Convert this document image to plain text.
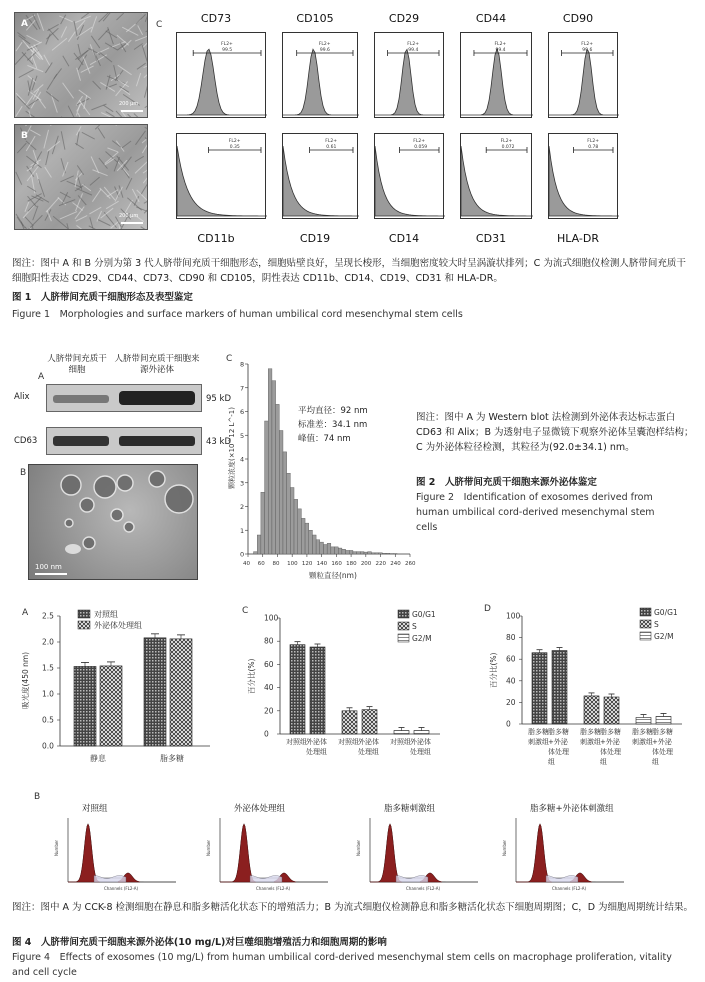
A
200 μm
B
200 μm
C	CD73	CD105	CD29	CD44	CD90
FL2+
99.5
FL2+
99.6
FL2+
99.4
FL2+
99.4
FL2+
99.6
FL2+
0.35
FL2+
0.61
FL2+
0.059
FL2+
0.072
FL2+
0.78
CD11b	CD19	CD14	CD31	HLA-DR
图注：图中 A 和 B 分别为第 3 代人脐带间充质干细胞形态，细胞贴壁良好，呈现长梭形，当细胞密度较大时呈涡漩状排列；C 为流式细胞仪检测人脐带间充质干细胞阳性表达 CD29、CD44、CD73、CD90 和 CD105，阴性表达 CD11b、CD14、CD19、CD31 和 HLA-DR。
图 1　人脐带间充质干细胞形态及表型鉴定
Figure 1　Morphologies and surface markers of human umbilical cord mesenchymal stem cells
A
人脐带间充质干细胞
人脐带间充质干细胞来源外泌体
Alix
CD63
95 kD
43 kD
B
100 nm
C
0
1
2
3
4
5
6
7
8
40 60 80 100 120 140 160 180 200 220 240 260
颗粒直径(nm)
颗粒浓度(×10^12 L^-1)	平均直径：92 nm
标准差：34.1 nm
峰值：74 nm
图注：图中 A 为 Western blot 法检测到外泌体表达标志蛋白 CD63 和 Alix；B 为透射电子显微镜下观察外泌体呈囊泡样结构；C 为外泌体粒径检测，其粒径为(92.0±34.1) nm。
图 2　人脐带间充质干细胞来源外泌体鉴定
Figure 2　Identification of exosomes derived from human umbilical cord-derived mesenchymal stem cells
A
0.0
0.5
1.0
1.5
2.0
2.5
吸光度(450 nm)
静息	脂多糖
对照组
外泌体处理组
C
0
20
40
60
80
100
百分比(%)
对照组 外泌体
处理组
对照组 外泌体
处理组
对照组 外泌体
处理组
G0/G1
S
G2/M
D
0
20
40
60
80
100
百分比(%)
脂多糖
刺激组
脂多糖
+外泌
体处理
组
脂多糖
刺激组
脂多糖
+外泌
体处理
组
脂多糖
刺激组
脂多糖
+外泌
体处理
组
G0/G1
S
G2/M
B
对照组
Channels (FL2-A)
Number
外泌体处理组
Channels (FL2-A)
Number
脂多糖刺激组
Channels (FL2-A)
Number
脂多糖+外泌体刺激组
Channels (FL2-A)
Number
图注：图中 A 为 CCK-8 检测细胞在静息和脂多糖活化状态下的增殖活力；B 为流式细胞仪检测静息和脂多糖活化状态下细胞周期图；C，D 为细胞周期统计结果。
图 4　人脐带间充质干细胞来源外泌体(10 mg/L)对巨噬细胞增殖活力和细胞周期的影响
Figure 4　Effects of exosomes (10 mg/L) from human umbilical cord-derived mesenchymal stem cells on macrophage proliferation, vitality and cell cycle
